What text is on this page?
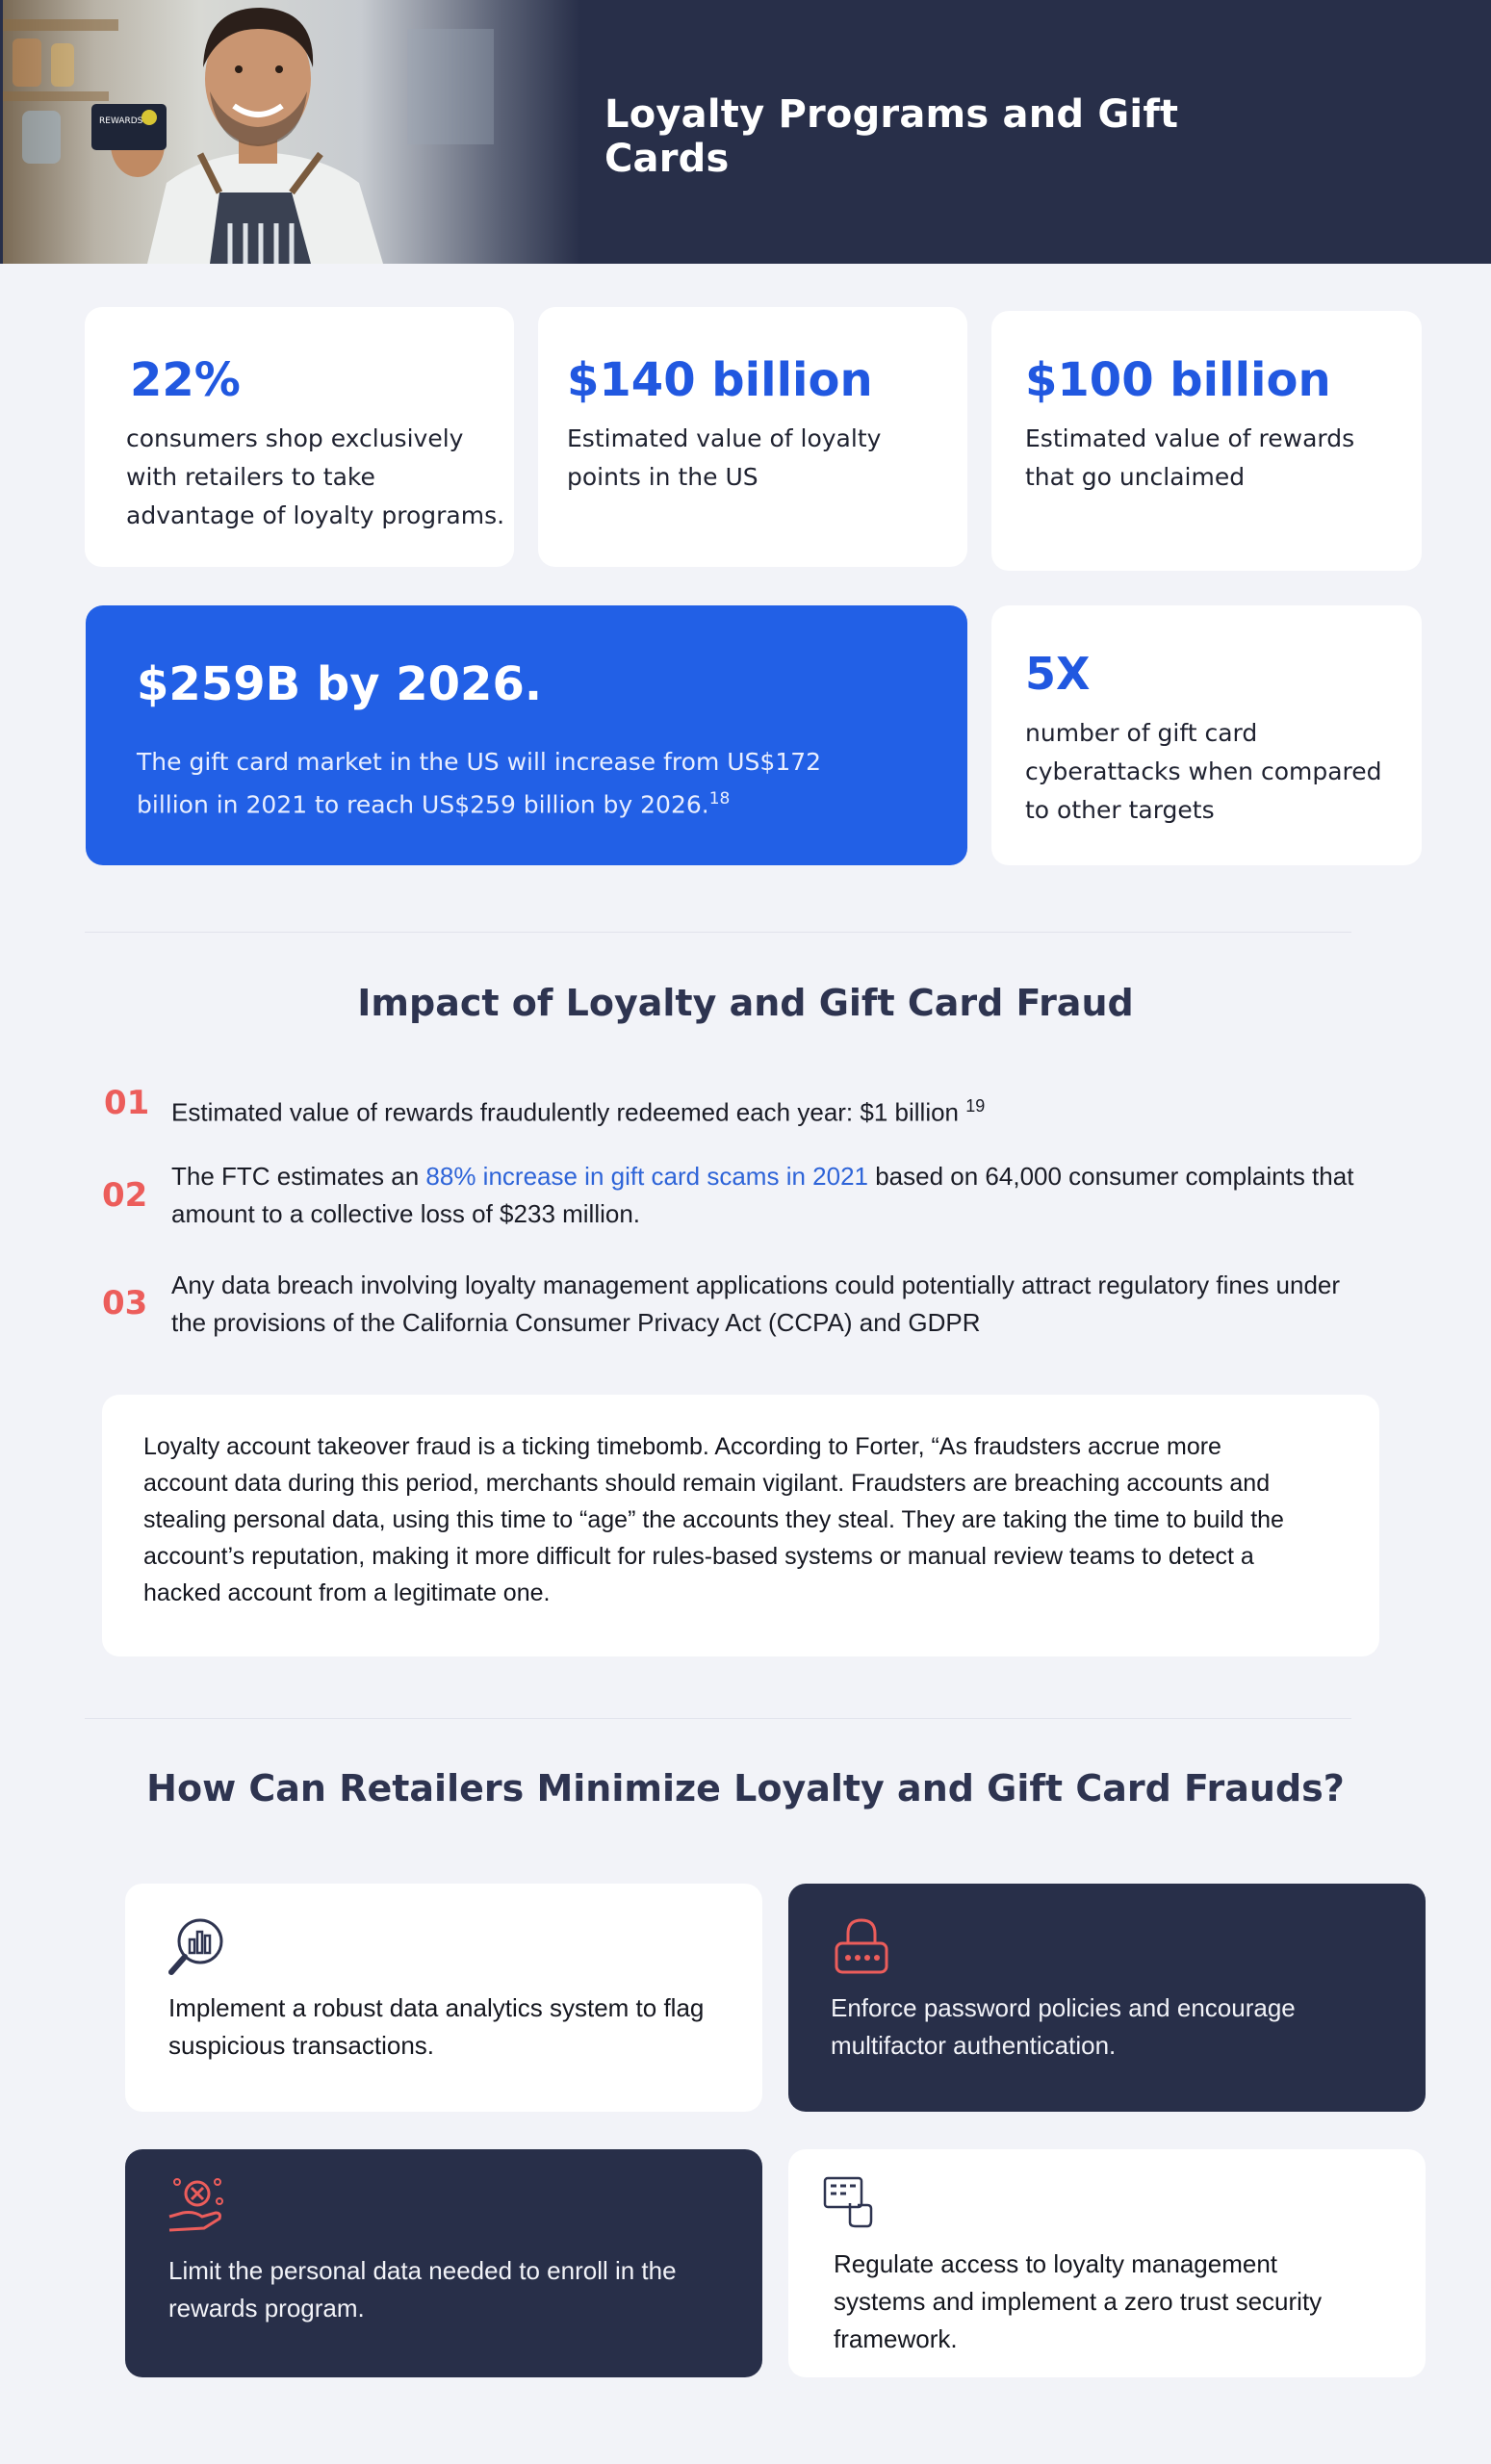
REWARDS	Loyalty Programs and Gift Cards

22%

consumers shop exclusively with retailers to take advantage of loyalty programs.

$140 billion

Estimated value of loyalty points in the US

$100 billion

Estimated value of rewards that go unclaimed

$259B by 2026.

The gift card market in the US will increase from US$172 billion in 2021 to reach US$259 billion by 2026.18

5X

number of gift card cyberattacks when compared to other targets

Impact of Loyalty and Gift Card Fraud

01 Estimated value of rewards fraudulently redeemed each year: $1 billion $^{19}$

02 The FTC estimates an 88% increase in gift card scams in 2021 based on 64,000 consumer complaints that amount to a collective loss of $233 million.

03 Any data breach involving loyalty management applications could potentially attract regulatory fines under the provisions of the California Consumer Privacy Act (CCPA) and GDPR

Loyalty account takeover fraud is a ticking timebomb. According to Forter, “As fraudsters accrue more account data during this period, merchants should remain vigilant. Fraudsters are breaching accounts and stealing personal data, using this time to “age” the accounts they steal. They are taking the time to build the account’s reputation, making it more difficult for rules-based systems or manual review teams to detect a hacked account from a legitimate one.

How Can Retailers Minimize Loyalty and Gift Card Frauds?

Implement a robust data analytics system to flag suspicious transactions.

Enforce password policies and encourage multifactor authentication.

Limit the personal data needed to enroll in the rewards program.

Regulate access to loyalty management systems and implement a zero trust security framework.
